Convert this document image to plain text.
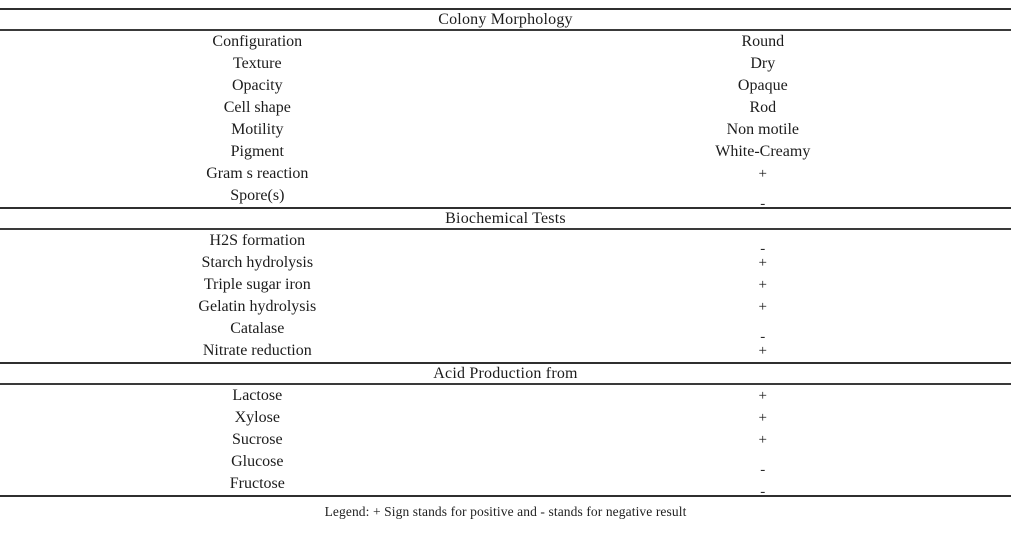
Colony Morphology
Configuration	Round
Texture	Dry
Opacity	Opaque
Cell shape	Rod
Motility	Non motile
Pigment	White-Creamy
Gram s reaction	+
Spore(s)	-
Biochemical Tests
H2S formation	-
Starch hydrolysis	+
Triple sugar iron	+
Gelatin hydrolysis	+
Catalase	-
Nitrate reduction	+
Acid Production from
Lactose	+
Xylose	+
Sucrose	+
Glucose	-
Fructose	-
Legend: + Sign stands for positive and - stands for negative result
